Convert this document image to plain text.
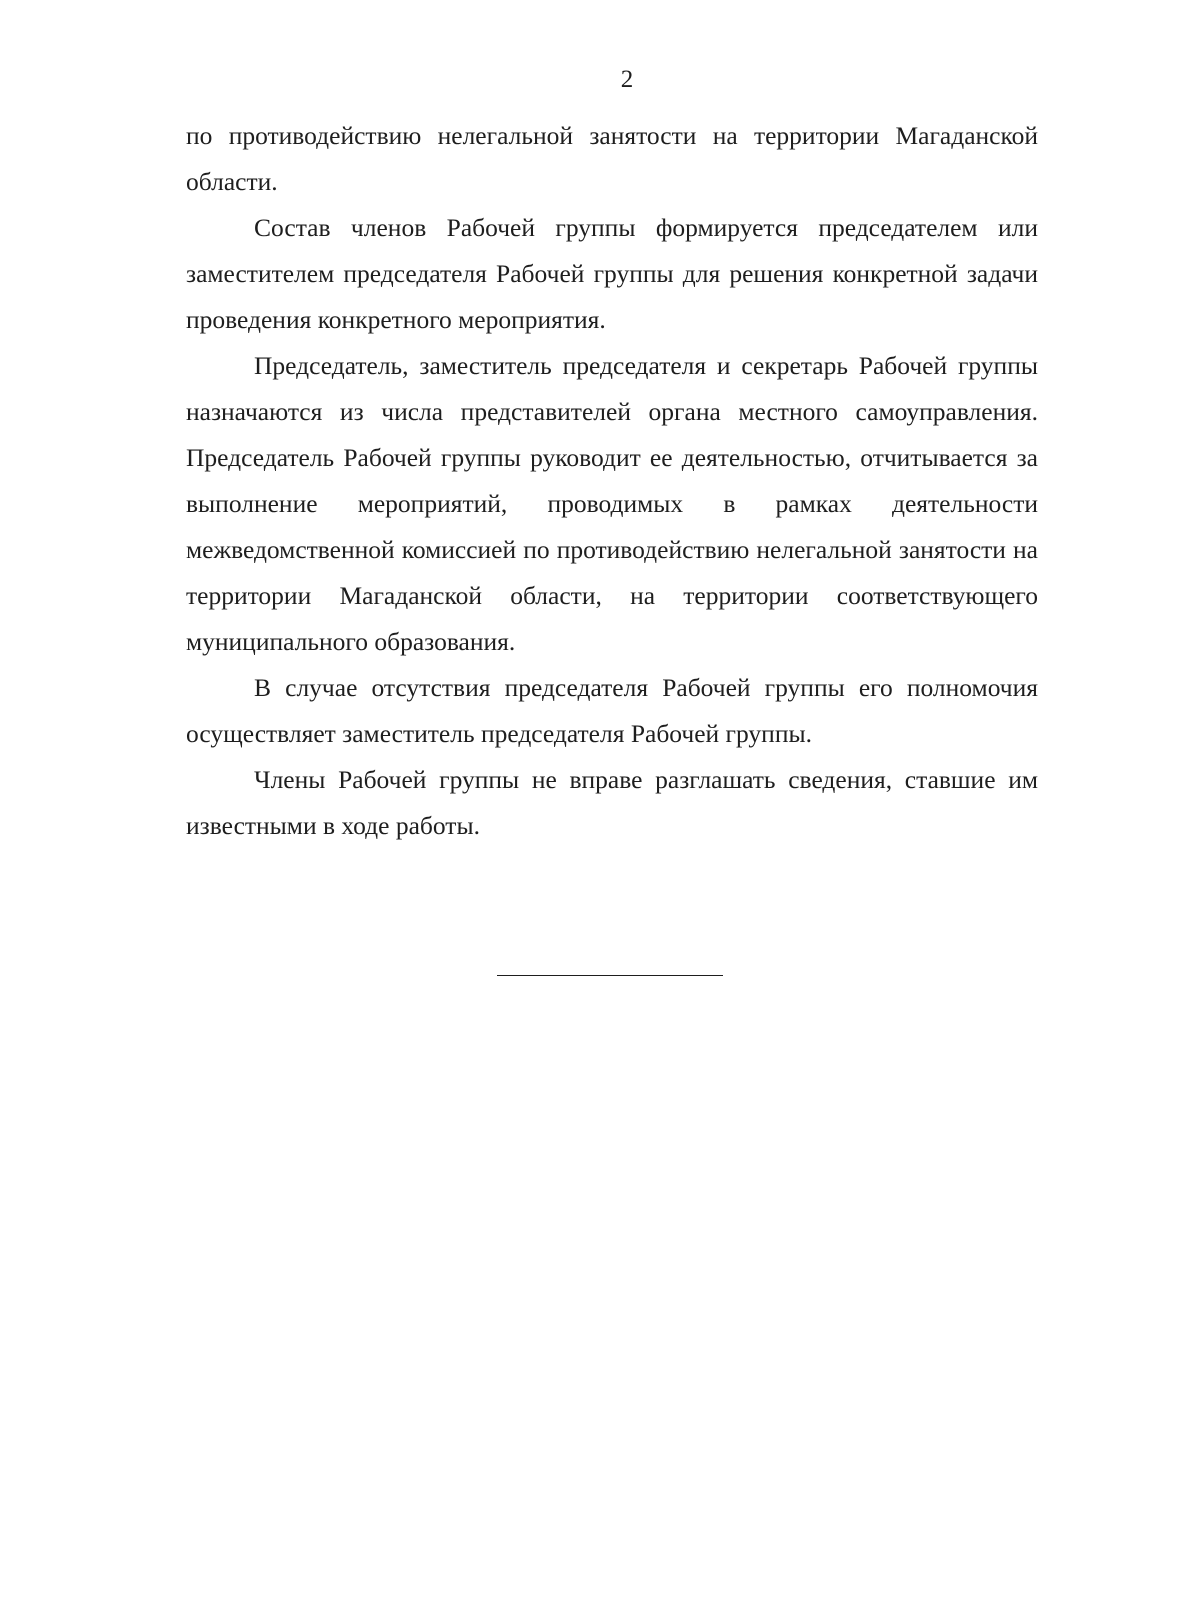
2

по противодействию нелегальной занятости на территории Магаданской области.

Состав членов Рабочей группы формируется председателем или заместителем председателя Рабочей группы для решения конкретной задачи проведения конкретного мероприятия.

Председатель, заместитель председателя и секретарь Рабочей группы назначаются из числа представителей органа местного самоуправления. Председатель Рабочей группы руководит ее деятельностью, отчитывается за выполнение мероприятий, проводимых в рамках деятельности межведомственной комиссией по противодействию нелегальной занятости на территории Магаданской области, на территории соответствующего муниципального образования.

В случае отсутствия председателя Рабочей группы его полномочия осуществляет заместитель председателя Рабочей группы.

Члены Рабочей группы не вправе разглашать сведения, ставшие им известными в ходе работы.
